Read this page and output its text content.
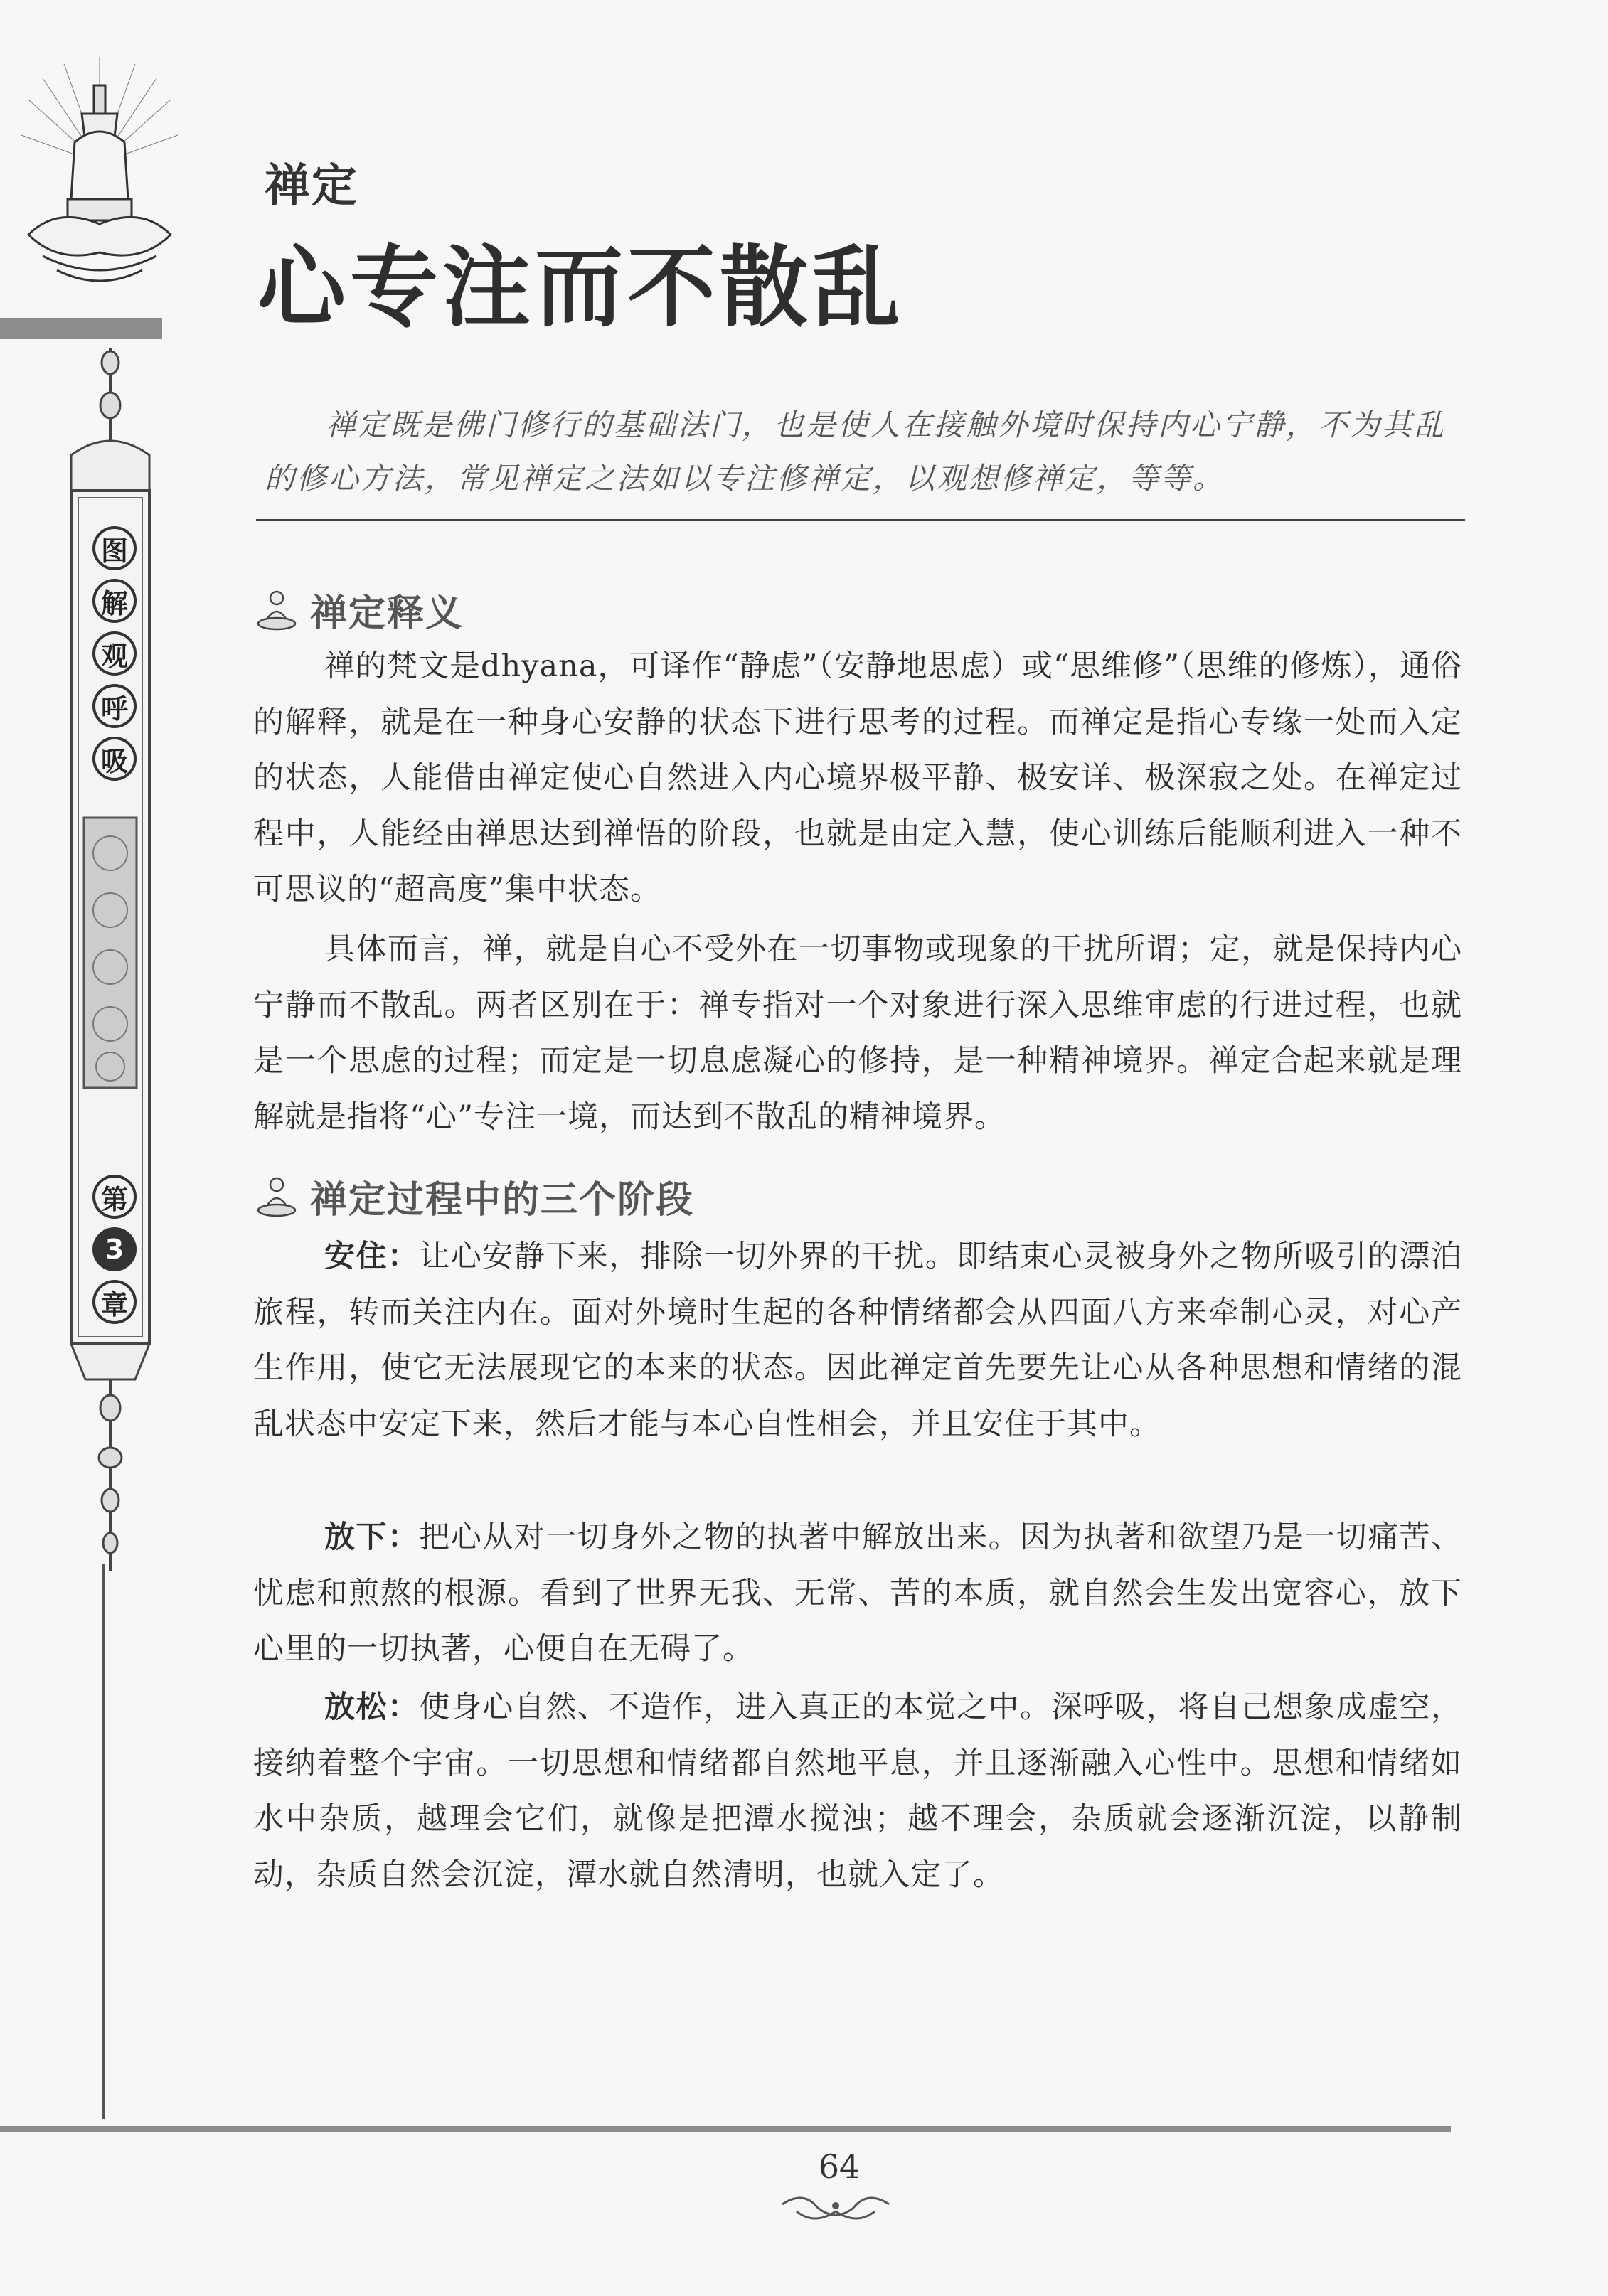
图
解
观
呼
吸
第
3
章
禅定
心专注而不散乱
禅定既是佛门修行的基础法门，也是使人在接触外境时保持内心宁静，不为其乱的修心方法，常见禅定之法如以专注修禅定，以观想修禅定，等等。
禅定释义
禅的梵文是dhyana，可译作“静虑”（安静地思虑）或“思维修”（思维的修炼），通俗的解释，就是在一种身心安静的状态下进行思考的过程。而禅定是指心专缘一处而入定的状态，人能借由禅定使心自然进入内心境界极平静、极安详、极深寂之处。在禅定过程中，人能经由禅思达到禅悟的阶段，也就是由定入慧，使心训练后能顺利进入一种不可思议的“超高度”集中状态。
具体而言，禅，就是自心不受外在一切事物或现象的干扰所谓；定，就是保持内心宁静而不散乱。两者区别在于：禅专指对一个对象进行深入思维审虑的行进过程，也就是一个思虑的过程；而定是一切息虑凝心的修持，是一种精神境界。禅定合起来就是理解就是指将“心”专注一境，而达到不散乱的精神境界。
禅定过程中的三个阶段
安住：让心安静下来，排除一切外界的干扰。即结束心灵被身外之物所吸引的漂泊旅程，转而关注内在。面对外境时生起的各种情绪都会从四面八方来牵制心灵，对心产生作用，使它无法展现它的本来的状态。因此禅定首先要先让心从各种思想和情绪的混乱状态中安定下来，然后才能与本心自性相会，并且安住于其中。
放下：把心从对一切身外之物的执著中解放出来。因为执著和欲望乃是一切痛苦、忧虑和煎熬的根源。看到了世界无我、无常、苦的本质，就自然会生发出宽容心，放下心里的一切执著，心便自在无碍了。
放松：使身心自然、不造作，进入真正的本觉之中。深呼吸，将自己想象成虚空，接纳着整个宇宙。一切思想和情绪都自然地平息，并且逐渐融入心性中。思想和情绪如水中杂质，越理会它们，就像是把潭水搅浊；越不理会，杂质就会逐渐沉淀，以静制动，杂质自然会沉淀，潭水就自然清明，也就入定了。
64
